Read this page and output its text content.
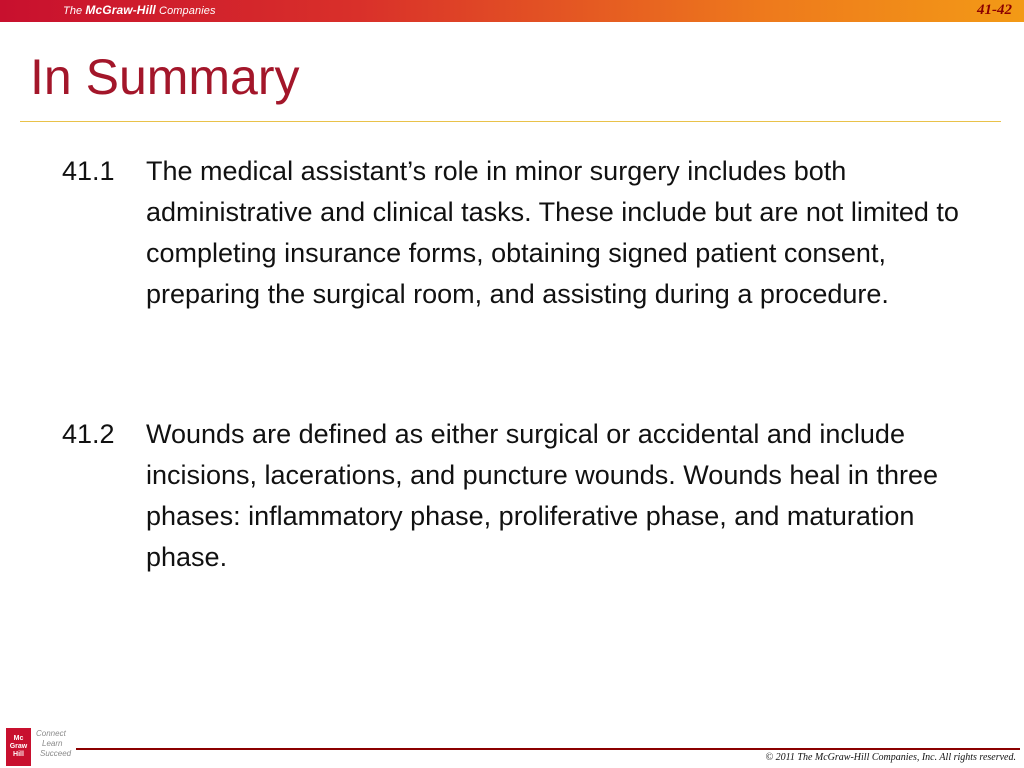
The McGraw-Hill Companies	41-42
In Summary
41.1	The medical assistant’s role in minor surgery includes both administrative and clinical tasks. These include but are not limited to completing insurance forms, obtaining signed patient consent, preparing the surgical room, and assisting during a procedure.
41.2	Wounds are defined as either surgical or accidental and include incisions, lacerations, and puncture wounds. Wounds heal in three phases: inflammatory phase, proliferative phase, and maturation phase.
Mc
Graw
Hill
Connect
Learn
Succeed	© 2011 The McGraw-Hill Companies, Inc. All rights reserved.
